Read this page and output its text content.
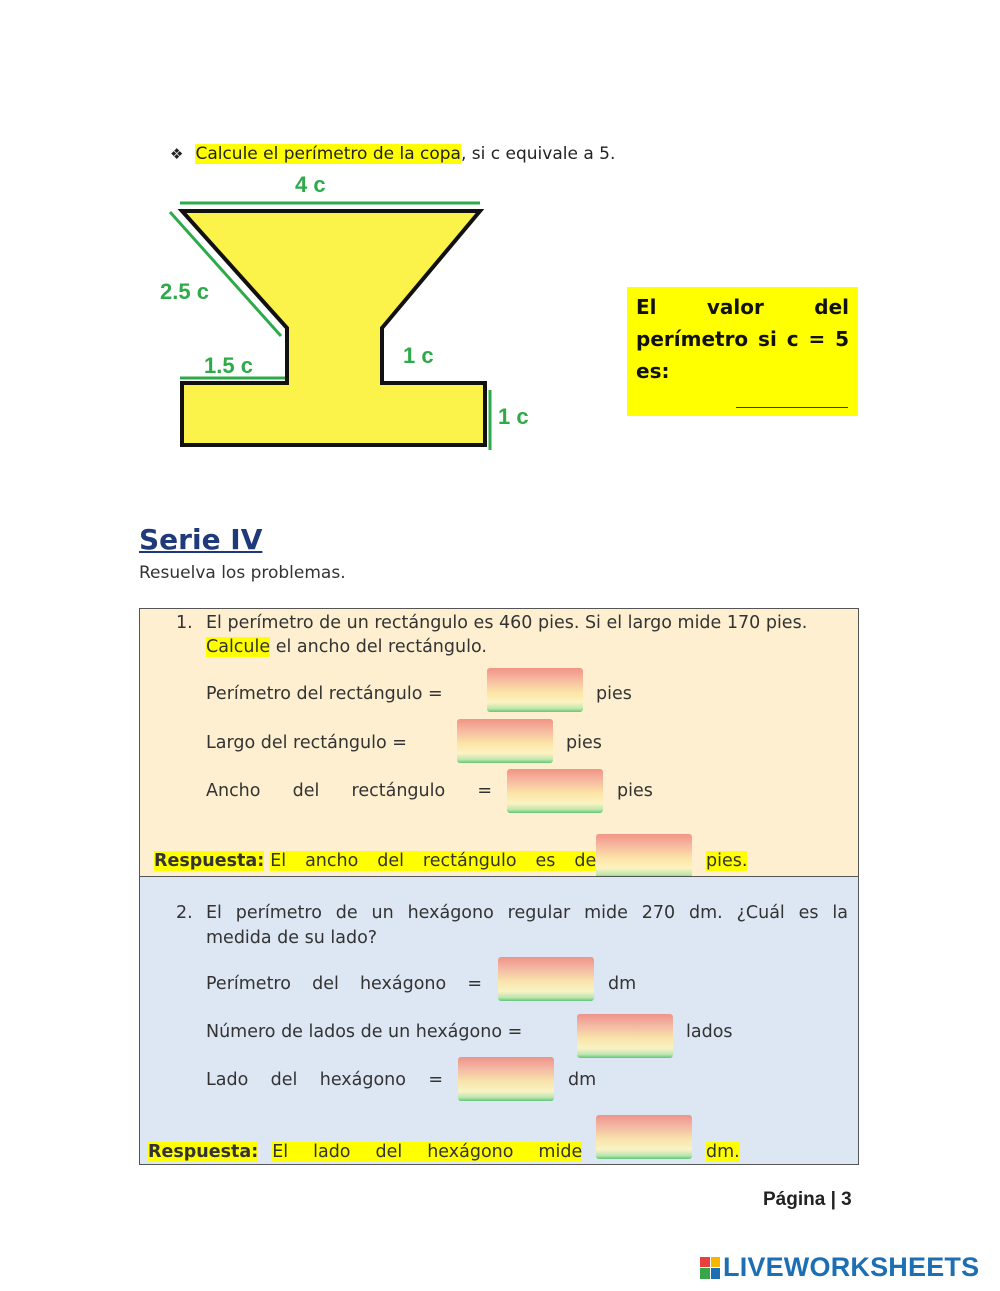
❖ Calcule el perímetro de la copa, si c equivale a 5.
4 c
2.5 c
1.5 c	1 c
1 c
El valor del perímetro si c = 5 es:
Serie IV
Resuelva los problemas.
1. El perímetro de un rectángulo es 460 pies. Si el largo mide 170 pies.
Calcule el ancho del rectángulo.
Perímetro del rectángulo =	pies
Largo del rectángulo =	pies
Ancho del rectángulo =	pies
Respuesta: El ancho del rectángulo es de	pies.
2. El perímetro de un hexágono regular mide 270 dm. ¿Cuál es la
medida de su lado?
Perímetro del hexágono =	dm
Número de lados de un hexágono =	lados
Lado del hexágono =	dm
Respuesta: El lado del hexágono mide	dm.
Página | 3
LIVEWORKSHEETS
